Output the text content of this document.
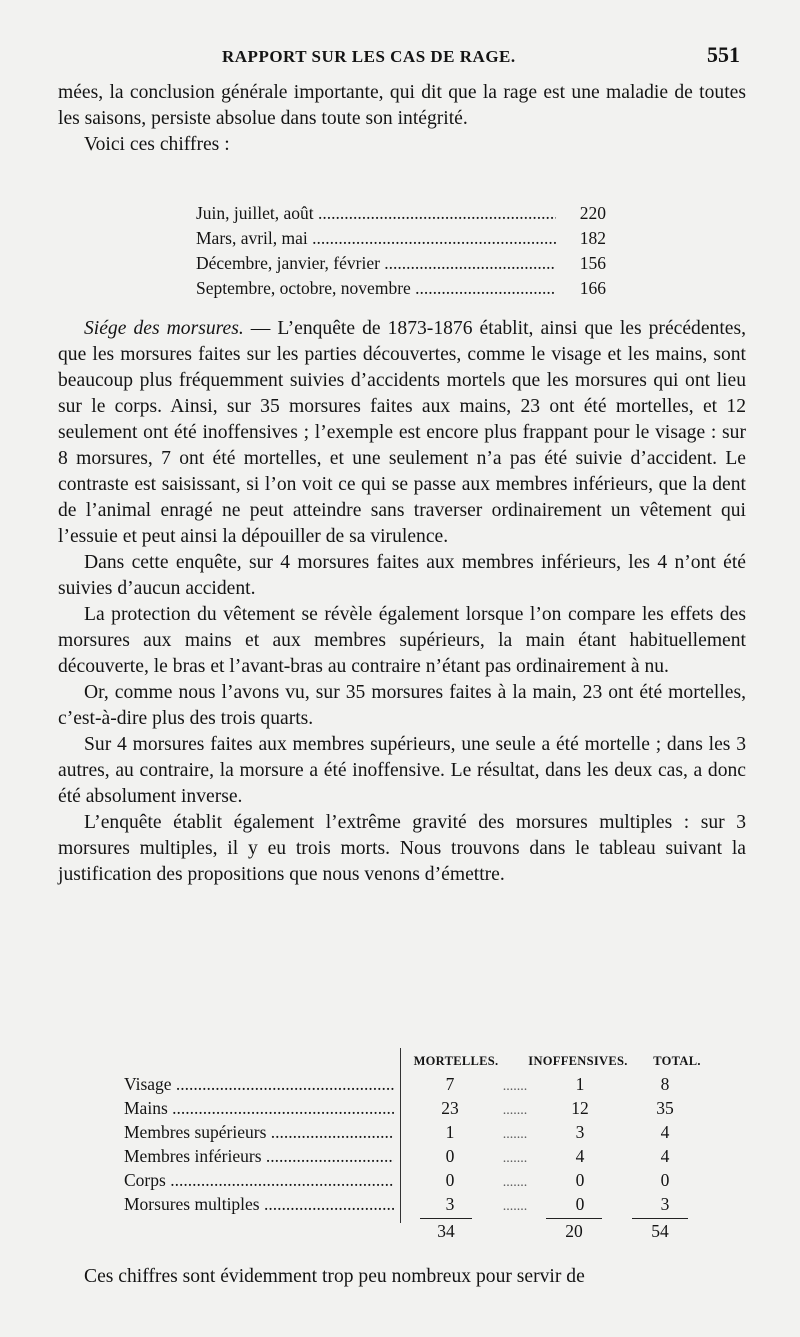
RAPPORT SUR LES CAS DE RAGE.	551

mées, la conclusion générale importante, qui dit que la rage est une maladie de toutes les saisons, persiste absolue dans toute son intégrité.

Voici ces chiffres :

Juin, juillet, août .....	220
Mars, avril, mai .....	182
Décembre, janvier, février .....	156
Septembre, octobre, novembre .....	166

Siége des morsures. — L’enquête de 1873-1876 établit, ainsi que les précédentes, que les morsures faites sur les parties découvertes, comme le visage et les mains, sont beaucoup plus fréquemment suivies d’accidents mortels que les morsures qui ont lieu sur le corps. Ainsi, sur 35 morsures faites aux mains, 23 ont été mortelles, et 12 seulement ont été inoffensives ; l’exemple est encore plus frappant pour le visage : sur 8 morsures, 7 ont été mortelles, et une seulement n’a pas été suivie d’accident. Le contraste est saisissant, si l’on voit ce qui se passe aux membres inférieurs, que la dent de l’animal enragé ne peut atteindre sans traverser ordinairement un vêtement qui l’essuie et peut ainsi la dépouiller de sa virulence.

Dans cette enquête, sur 4 morsures faites aux membres inférieurs, les 4 n’ont été suivies d’aucun accident.

La protection du vêtement se révèle également lorsque l’on compare les effets des morsures aux mains et aux membres supérieurs, la main étant habituellement découverte, le bras et l’avant-bras au contraire n’étant pas ordinairement à nu.

Or, comme nous l’avons vu, sur 35 morsures faites à la main, 23 ont été mortelles, c’est-à-dire plus des trois quarts.

Sur 4 morsures faites aux membres supérieurs, une seule a été mortelle ; dans les 3 autres, au contraire, la morsure a été inoffensive. Le résultat, dans les deux cas, a donc été absolument inverse.

L’enquête établit également l’extrême gravité des morsures multiples : sur 3 morsures multiples, il y eu trois morts. Nous trouvons dans le tableau suivant la justification des propositions que nous venons d’émettre.

MORTELLES.	INOFFENSIVES.	TOTAL.
Visage .....	7	.......	1	8
Mains .....	23	.......	12	35
Membres supérieurs .....	1	.......	3	4
Membres inférieurs .....	0	.......	4	4
Corps .....	0	.......	0	0
Morsures multiples .....	3	.......	0	3
34	20	54

Ces chiffres sont évidemment trop peu nombreux pour servir de
